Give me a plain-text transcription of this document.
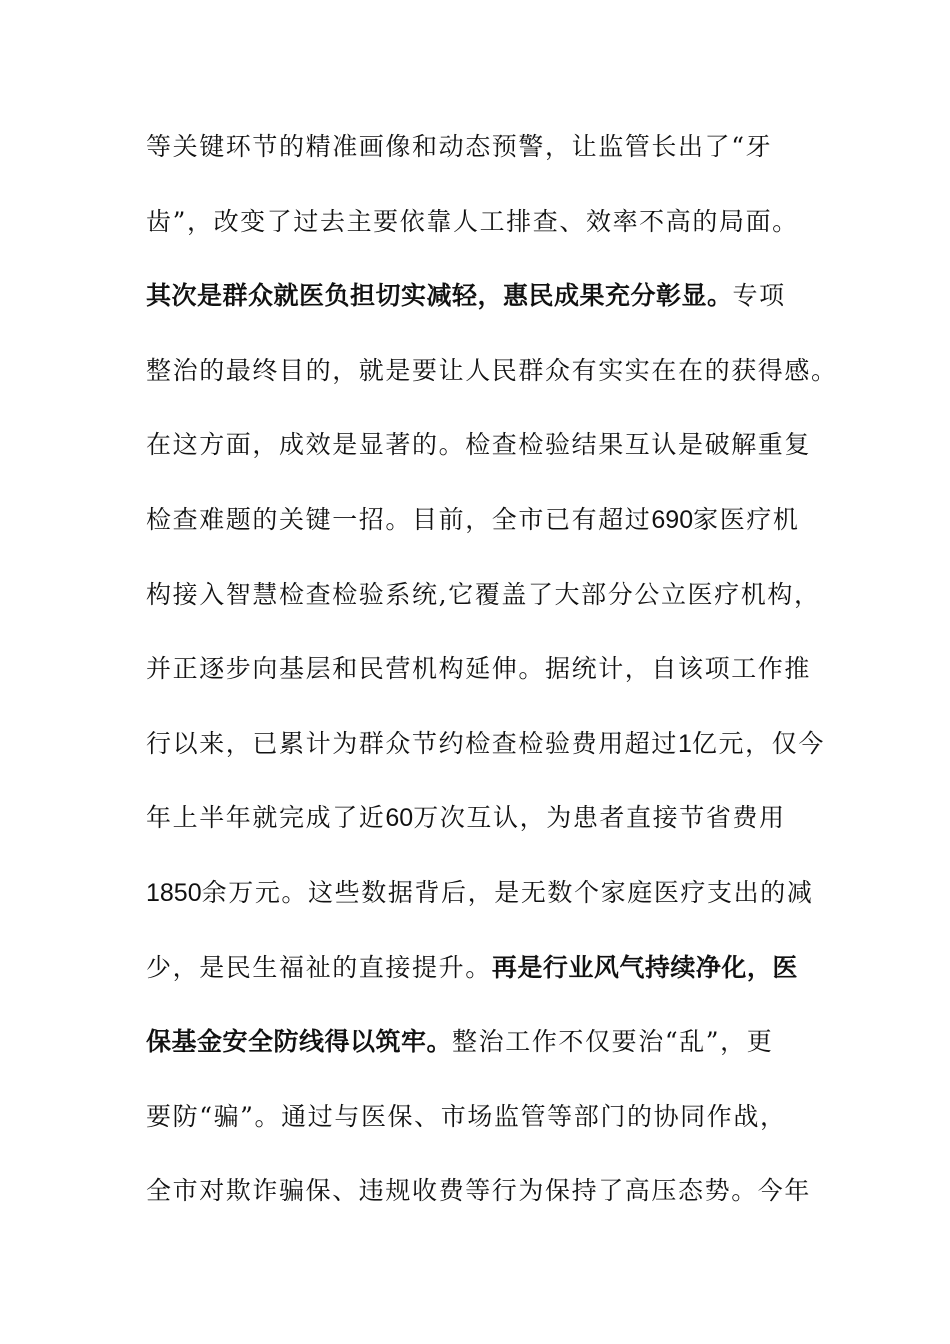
等关键环节的精准画像和动态预警，让监管长出了“牙
齿”，改变了过去主要依靠人工排查、效率不高的局面。
其次是群众就医负担切实减轻，惠民成果充分彰显。专项
整治的最终目的，就是要让人民群众有实实在在的获得感。
在这方面，成效是显著的。检查检验结果互认是破解重复
检查难题的关键一招。目前，全市已有超过690家医疗机
构接入智慧检查检验系统,它覆盖了大部分公立医疗机构，
并正逐步向基层和民营机构延伸。据统计，自该项工作推
行以来，已累计为群众节约检查检验费用超过1亿元，仅今
年上半年就完成了近60万次互认，为患者直接节省费用
1850余万元。这些数据背后，是无数个家庭医疗支出的减
少，是民生福祉的直接提升。再是行业风气持续净化，医
保基金安全防线得以筑牢。整治工作不仅要治“乱”，更
要防“骗”。通过与医保、市场监管等部门的协同作战，
全市对欺诈骗保、违规收费等行为保持了高压态势。今年
